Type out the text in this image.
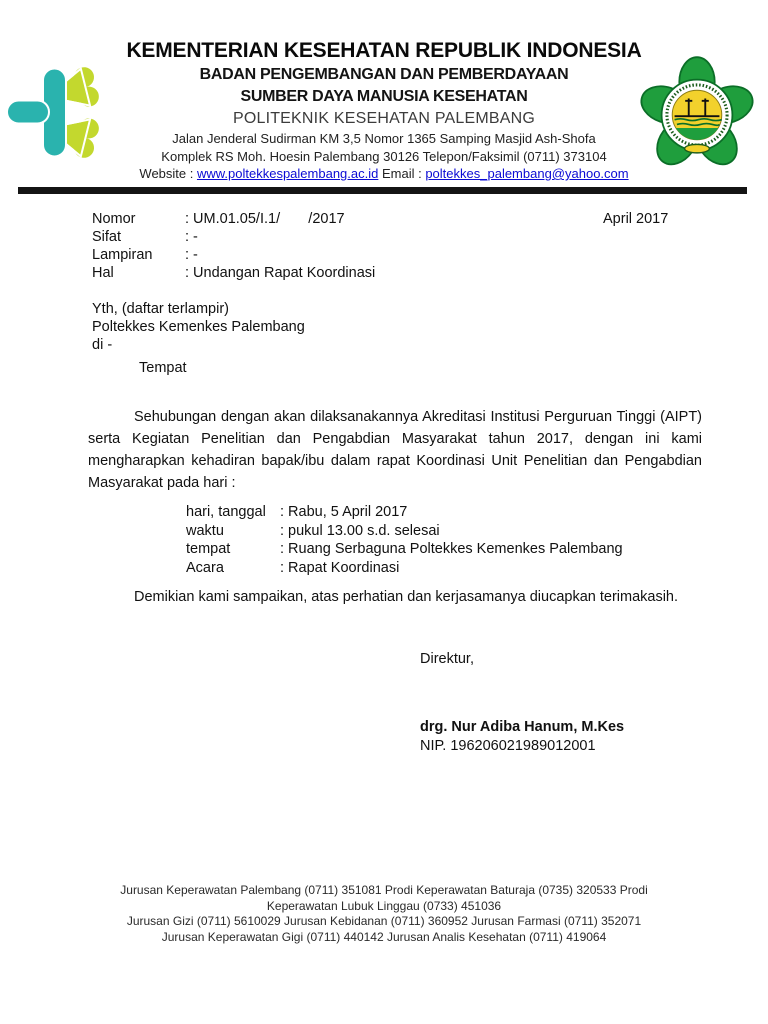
KEMENTERIAN KESEHATAN REPUBLIK INDONESIA
BADAN PENGEMBANGAN DAN PEMBERDAYAAN
SUMBER DAYA MANUSIA KESEHATAN
POLITEKNIK KESEHATAN PALEMBANG
Jalan Jenderal Sudirman KM 3,5 Nomor 1365 Samping Masjid Ash-Shofa
Komplek RS Moh. Hoesin Palembang 30126 Telepon/Faksimil (0711) 373104
Website : www.poltekkespalembang.ac.id Email : poltekkes_palembang@yahoo.com
Nomor	: UM.01.05/I.1/       /2017
Sifat	: -
Lampiran	: -
Hal	: Undangan Rapat Koordinasi
April 2017
Yth, (daftar terlampir)
Poltekkes Kemenkes Palembang
di -
Tempat

Sehubungan dengan akan dilaksanakannya Akreditasi Institusi Perguruan Tinggi (AIPT) serta Kegiatan Penelitian dan Pengabdian Masyarakat tahun 2017, dengan ini kami mengharapkan kehadiran bapak/ibu dalam rapat Koordinasi Unit Penelitian dan Pengabdian Masyarakat pada hari :

hari, tanggal : Rabu, 5 April 2017
waktu	: pukul 13.00 s.d. selesai
tempat	: Ruang Serbaguna Poltekkes Kemenkes Palembang
Acara	: Rapat Koordinasi

Demikian kami sampaikan, atas perhatian dan kerjasamanya diucapkan terimakasih.

Direktur,
drg. Nur Adiba Hanum, M.Kes
NIP. 196206021989012001
Jurusan Keperawatan Palembang (0711) 351081 Prodi Keperawatan Baturaja (0735) 320533 Prodi
Keperawatan Lubuk Linggau (0733) 451036
Jurusan Gizi (0711) 5610029 Jurusan Kebidanan (0711) 360952 Jurusan Farmasi (0711) 352071
Jurusan Keperawatan Gigi (0711) 440142 Jurusan Analis Kesehatan (0711) 419064
